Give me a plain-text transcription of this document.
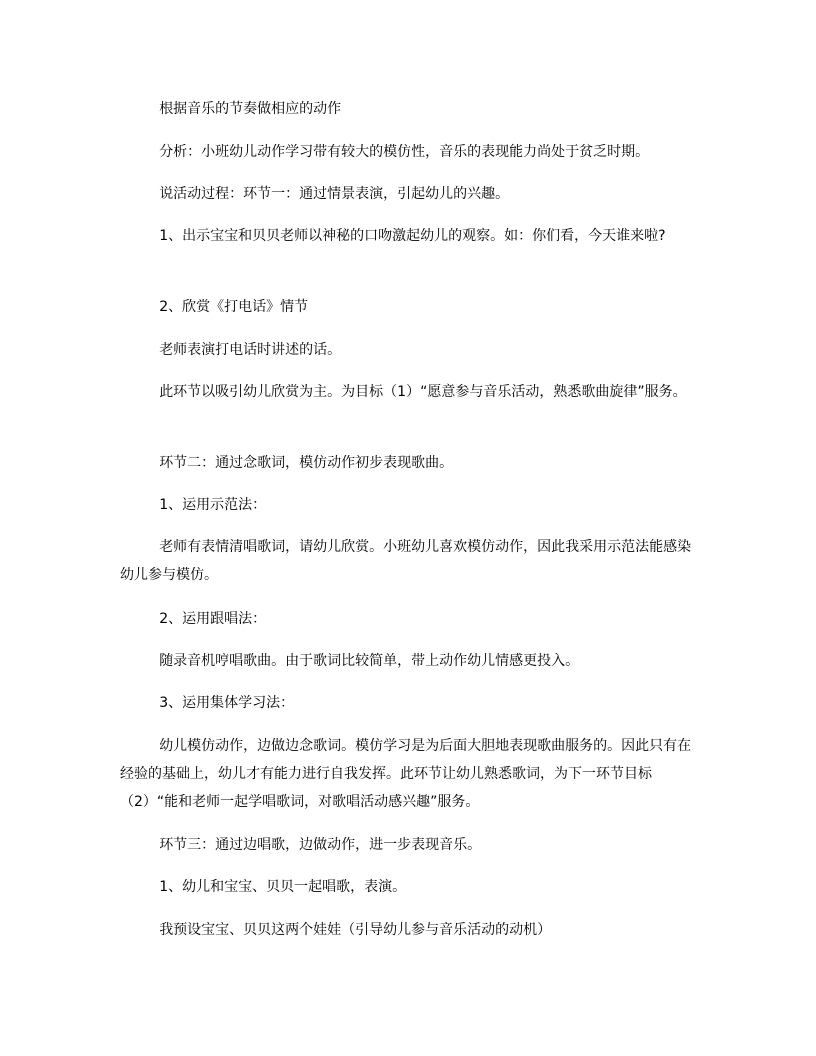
根据音乐的节奏做相应的动作

分析：小班幼儿动作学习带有较大的模仿性，音乐的表现能力尚处于贫乏时期。

说活动过程：环节一：通过情景表演，引起幼儿的兴趣。

1、出示宝宝和贝贝老师以神秘的口吻激起幼儿的观察。如：你们看，今天谁来啦?

2、欣赏《打电话》情节

老师表演打电话时讲述的话。

此环节以吸引幼儿欣赏为主。为目标（1）“愿意参与音乐活动，熟悉歌曲旋律”服务。

环节二：通过念歌词，模仿动作初步表现歌曲。

1、运用示范法：

老师有表情清唱歌词，请幼儿欣赏。小班幼儿喜欢模仿动作，因此我采用示范法能感染幼儿参与模仿。

2、运用跟唱法：

随录音机哼唱歌曲。由于歌词比较简单，带上动作幼儿情感更投入。

3、运用集体学习法：

幼儿模仿动作，边做边念歌词。模仿学习是为后面大胆地表现歌曲服务的。因此只有在经验的基础上，幼儿才有能力进行自我发挥。此环节让幼儿熟悉歌词，为下一环节目标（2）“能和老师一起学唱歌词，对歌唱活动感兴趣”服务。

环节三：通过边唱歌，边做动作，进一步表现音乐。

1、幼儿和宝宝、贝贝一起唱歌，表演。

我预设宝宝、贝贝这两个娃娃（引导幼儿参与音乐活动的动机）
